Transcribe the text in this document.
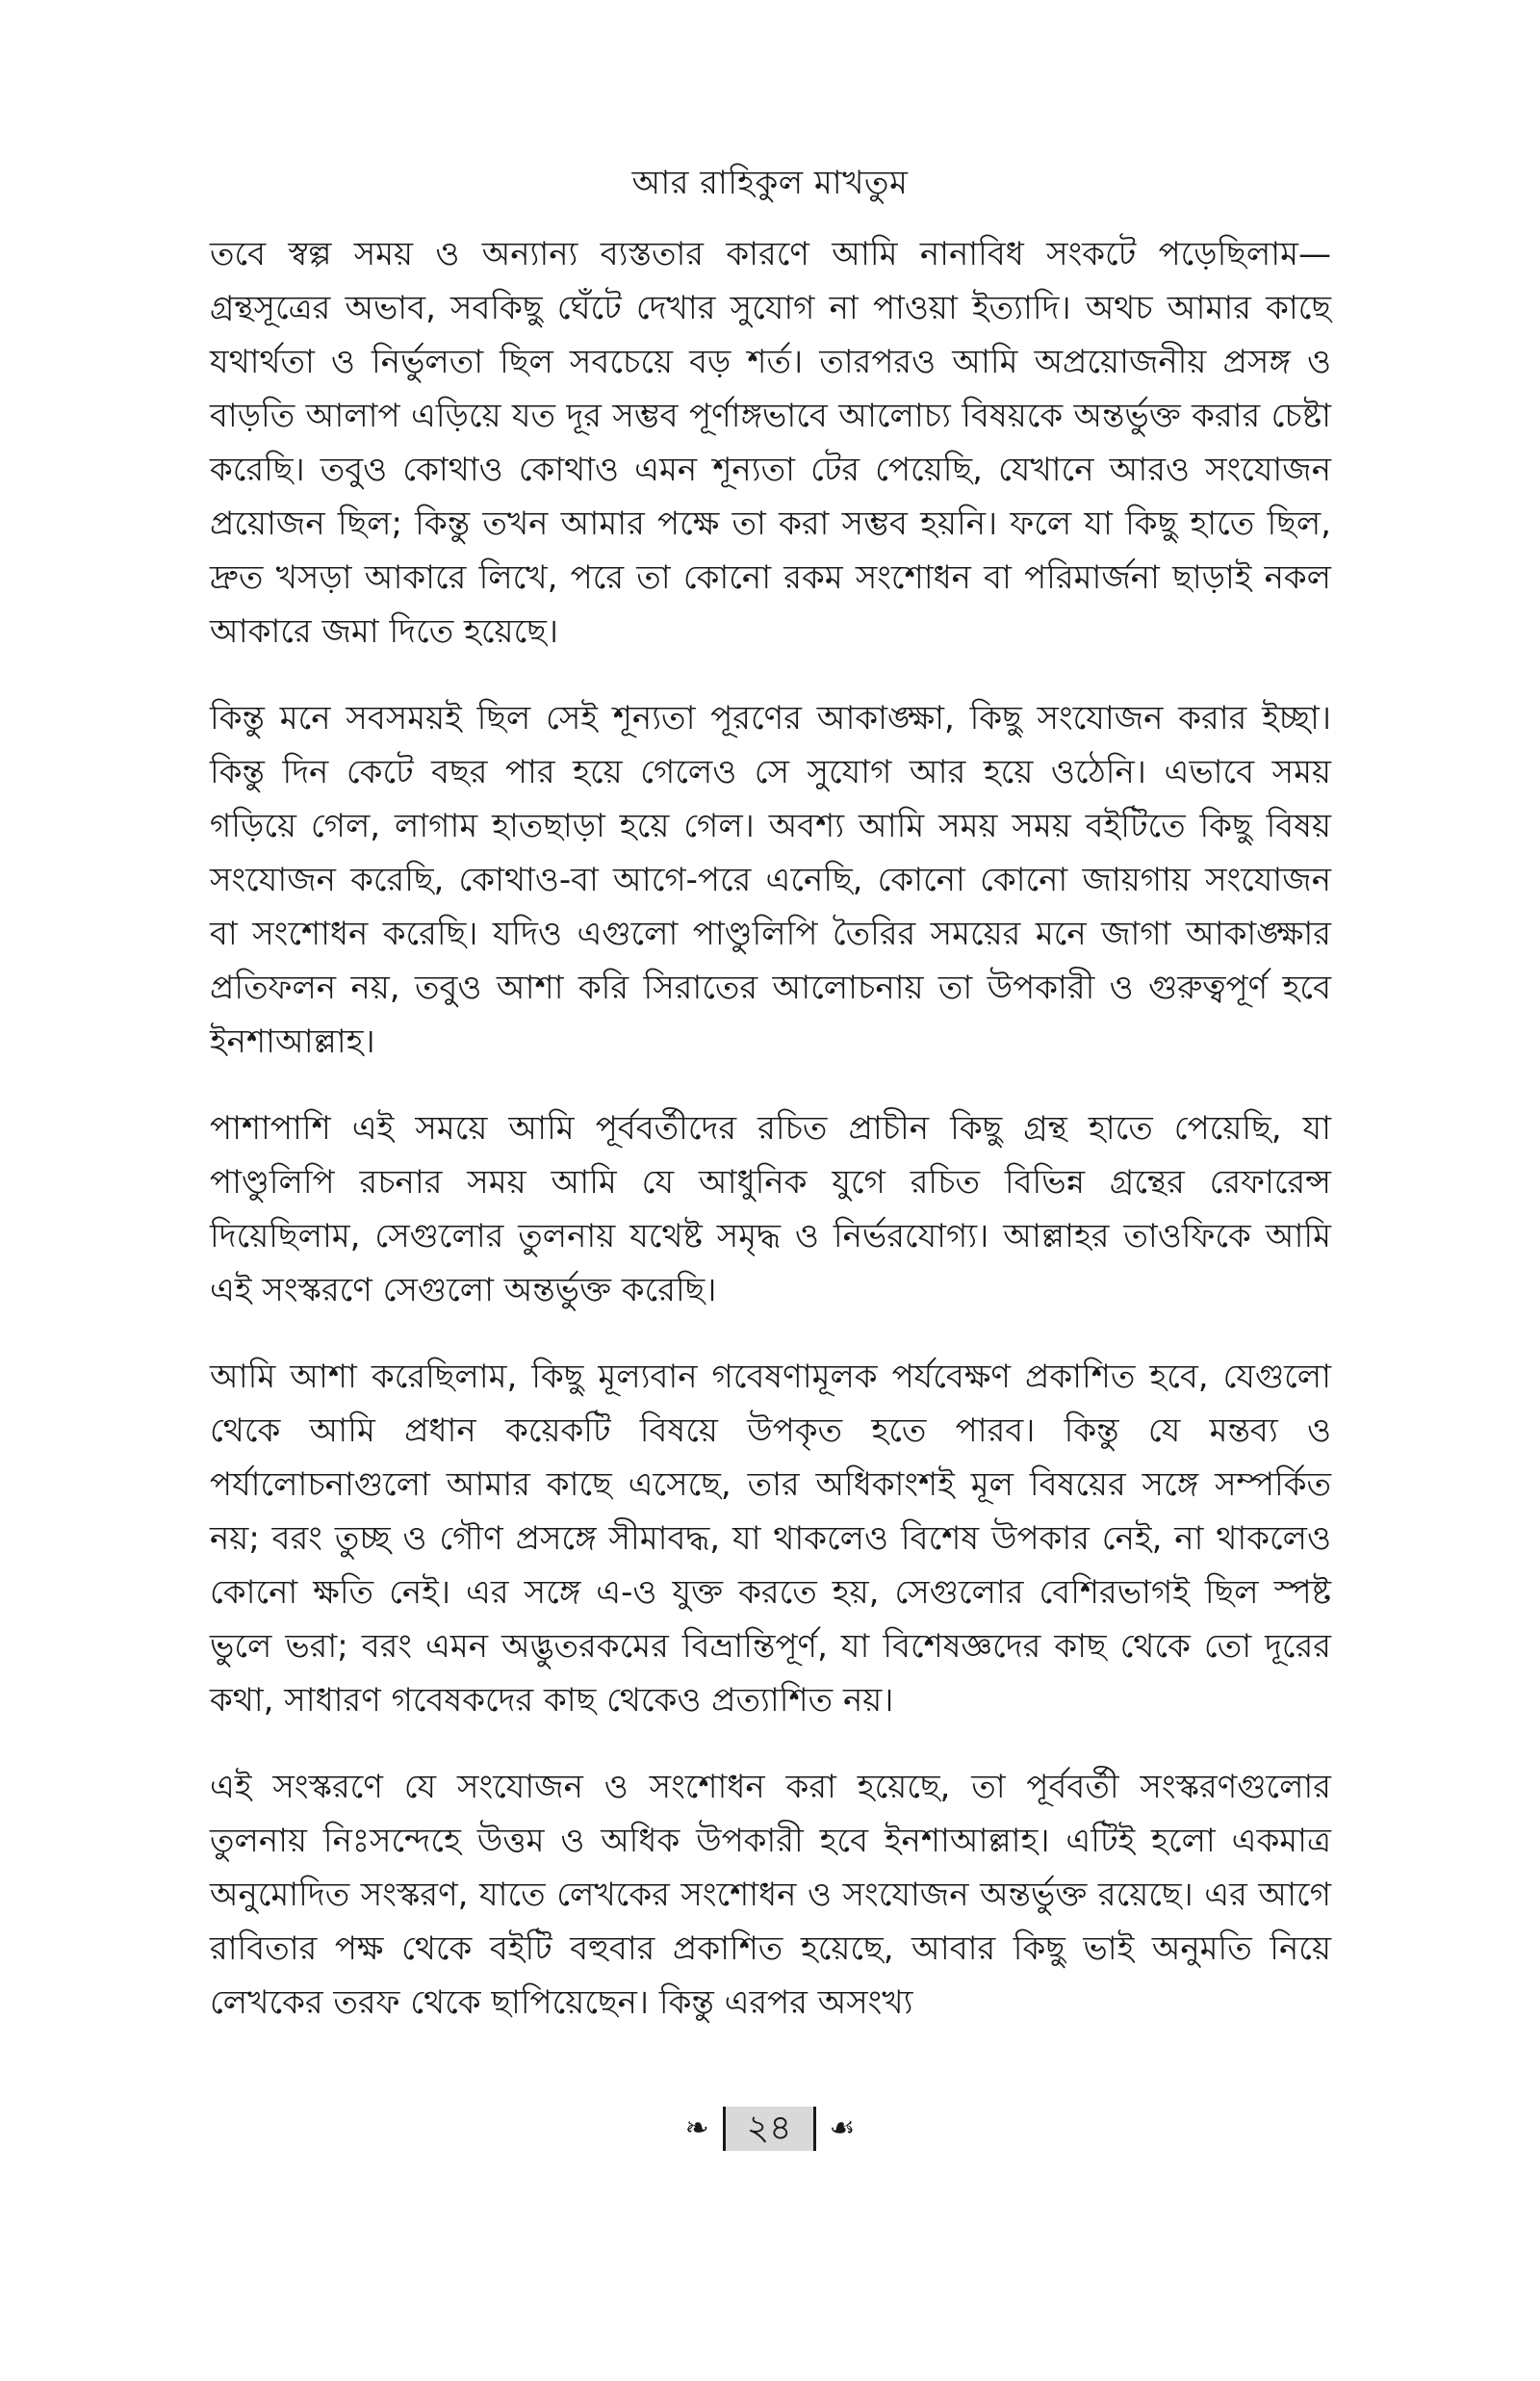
আর রাহিকুল মাখতুম

তবে স্বল্প সময় ও অন্যান্য ব্যস্ততার কারণে আমি নানাবিধ সংকটে পড়েছিলাম—গ্রন্থসূত্রের অভাব, সবকিছু ঘেঁটে দেখার সুযোগ না পাওয়া ইত্যাদি। অথচ আমার কাছে যথার্থতা ও নির্ভুলতা ছিল সবচেয়ে বড় শর্ত। তারপরও আমি অপ্রয়োজনীয় প্রসঙ্গ ও বাড়তি আলাপ এড়িয়ে যত দূর সম্ভব পূর্ণাঙ্গভাবে আলোচ্য বিষয়কে অন্তর্ভুক্ত করার চেষ্টা করেছি। তবুও কোথাও কোথাও এমন শূন্যতা টের পেয়েছি, যেখানে আরও সংযোজন প্রয়োজন ছিল; কিন্তু তখন আমার পক্ষে তা করা সম্ভব হয়নি। ফলে যা কিছু হাতে ছিল, দ্রুত খসড়া আকারে লিখে, পরে তা কোনো রকম সংশোধন বা পরিমার্জনা ছাড়াই নকল আকারে জমা দিতে হয়েছে।

কিন্তু মনে সবসময়ই ছিল সেই শূন্যতা পূরণের আকাঙ্ক্ষা, কিছু সংযোজন করার ইচ্ছা। কিন্তু দিন কেটে বছর পার হয়ে গেলেও সে সুযোগ আর হয়ে ওঠেনি। এভাবে সময় গড়িয়ে গেল, লাগাম হাতছাড়া হয়ে গেল। অবশ্য আমি সময় সময় বইটিতে কিছু বিষয় সংযোজন করেছি, কোথাও-বা আগে-পরে এনেছি, কোনো কোনো জায়গায় সংযোজন বা সংশোধন করেছি। যদিও এগুলো পাণ্ডুলিপি তৈরির সময়ের মনে জাগা আকাঙ্ক্ষার প্রতিফলন নয়, তবুও আশা করি সিরাতের আলোচনায় তা উপকারী ও গুরুত্বপূর্ণ হবে ইনশাআল্লাহ।

পাশাপাশি এই সময়ে আমি পূর্ববর্তীদের রচিত প্রাচীন কিছু গ্রন্থ হাতে পেয়েছি, যা পাণ্ডুলিপি রচনার সময় আমি যে আধুনিক যুগে রচিত বিভিন্ন গ্রন্থের রেফারেন্স দিয়েছিলাম, সেগুলোর তুলনায় যথেষ্ট সমৃদ্ধ ও নির্ভরযোগ্য। আল্লাহর তাওফিকে আমি এই সংস্করণে সেগুলো অন্তর্ভুক্ত করেছি।

আমি আশা করেছিলাম, কিছু মূল্যবান গবেষণামূলক পর্যবেক্ষণ প্রকাশিত হবে, যেগুলো থেকে আমি প্রধান কয়েকটি বিষয়ে উপকৃত হতে পারব। কিন্তু যে মন্তব্য ও পর্যালোচনাগুলো আমার কাছে এসেছে, তার অধিকাংশই মূল বিষয়ের সঙ্গে সম্পর্কিত নয়; বরং তুচ্ছ ও গৌণ প্রসঙ্গে সীমাবদ্ধ, যা থাকলেও বিশেষ উপকার নেই, না থাকলেও কোনো ক্ষতি নেই। এর সঙ্গে এ-ও যুক্ত করতে হয়, সেগুলোর বেশিরভাগই ছিল স্পষ্ট ভুলে ভরা; বরং এমন অদ্ভুতরকমের বিভ্রান্তিপূর্ণ, যা বিশেষজ্ঞদের কাছ থেকে তো দূরের কথা, সাধারণ গবেষকদের কাছ থেকেও প্রত্যাশিত নয়।

এই সংস্করণে যে সংযোজন ও সংশোধন করা হয়েছে, তা পূর্ববর্তী সংস্করণগুলোর তুলনায় নিঃসন্দেহে উত্তম ও অধিক উপকারী হবে ইনশাআল্লাহ। এটিই হলো একমাত্র অনুমোদিত সংস্করণ, যাতে লেখকের সংশোধন ও সংযোজন অন্তর্ভুক্ত রয়েছে। এর আগে রাবিতার পক্ষ থেকে বইটি বহুবার প্রকাশিত হয়েছে, আবার কিছু ভাই অনুমতি নিয়ে লেখকের তরফ থেকে ছাপিয়েছেন। কিন্তু এরপর অসংখ্য

❧	২৪	☙
